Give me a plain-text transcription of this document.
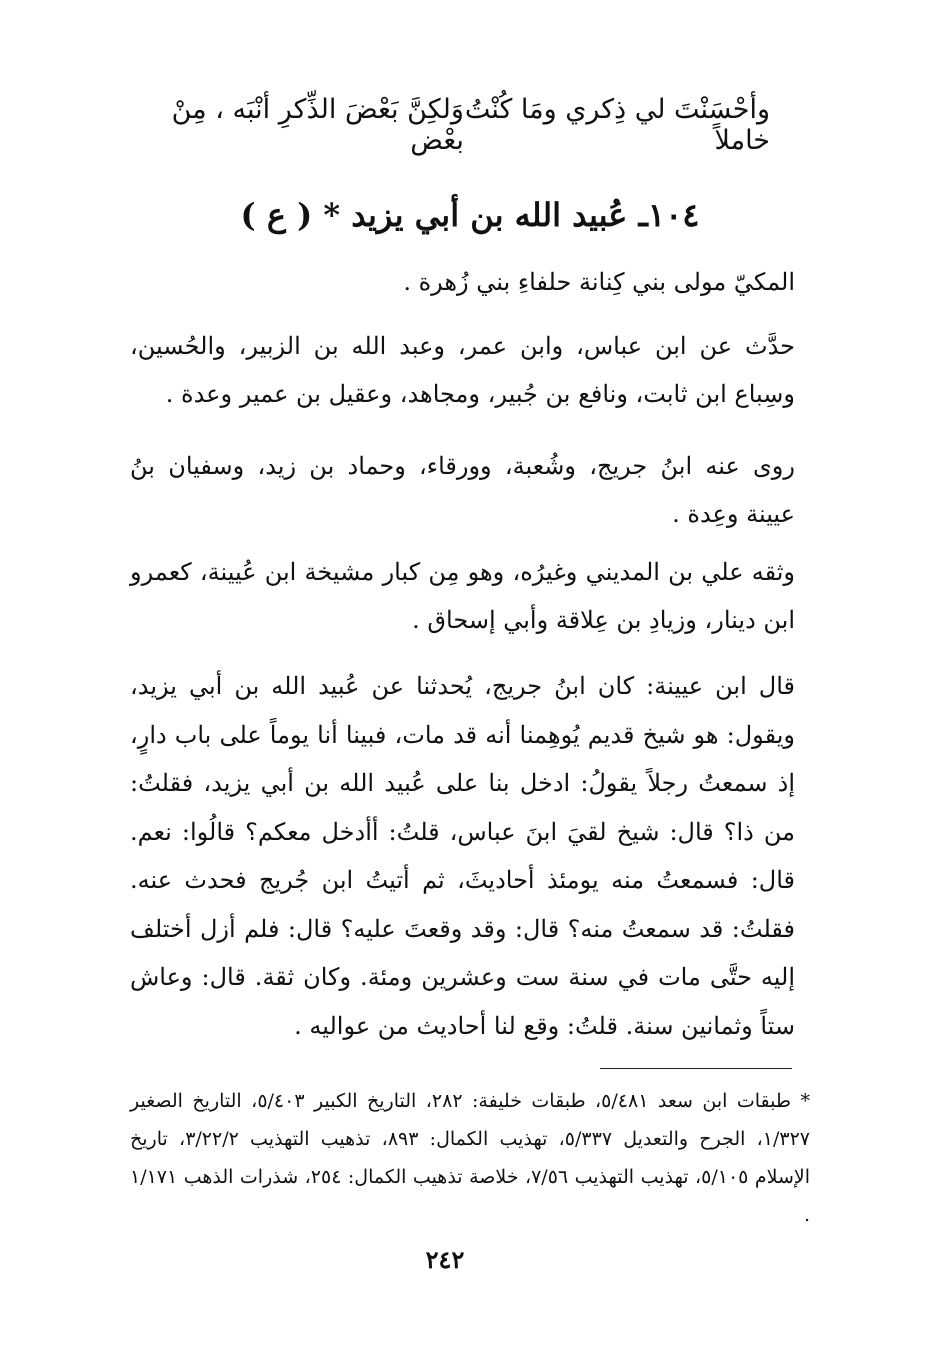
وأحْسَنْتَ لي ذِكري ومَا كُنْتُ خاملاً
وَلكِنَّ بَعْضَ الذِّكرِ أنْبَه ، مِنْ بعْض
١٠٤ـ عُبيد الله بن أبي يزيد * ( ع )
المكيّ مولى بني كِنانة حلفاءِ بني زُهرة .
حدَّث عن ابن عباس، وابن عمر، وعبد الله بن الزبير، والحُسين، وسِباع ابن ثابت، ونافع بن جُبير، ومجاهد، وعقيل بن عمير وعدة .
روى عنه ابنُ جريج، وشُعبة، وورقاء، وحماد بن زيد، وسفيان بنُ عيينة وعِدة .
وثقه علي بن المديني وغيرُه، وهو مِن كبار مشيخة ابن عُيينة، كعمرو ابن دينار، وزيادِ بن عِلاقة وأبي إسحاق .
قال ابن عيينة: كان ابنُ جريج، يُحدثنا عن عُبيد الله بن أبي يزيد، ويقول: هو شيخ قديم يُوهِمنا أنه قد مات، فبينا أنا يوماً على باب دارٍ، إذ سمعتُ رجلاً يقولُ: ادخل بنا على عُبيد الله بن أبي يزيد، فقلتُ: من ذا؟ قال: شيخ لقيَ ابنَ عباس، قلتُ: أأدخل معكم؟ قالُوا: نعم. قال: فسمعتُ منه يومئذ أحاديثَ، ثم أتيتُ ابن جُريج فحدث عنه. فقلتُ: قد سمعتُ منه؟ قال: وقد وقعتَ عليه؟ قال: فلم أزل أختلف إليه حتَّى مات في سنة ست وعشرين ومئة. وكان ثقة. قال: وعاش ستاً وثمانين سنة. قلتُ: وقع لنا أحاديث من عواليه .
* طبقات ابن سعد ٥/٤٨١، طبقات خليفة: ٢٨٢، التاريخ الكبير ٥/٤٠٣، التاريخ الصغير ١/٣٢٧، الجرح والتعديل ٥/٣٣٧، تهذيب الكمال: ٨٩٣، تذهيب التهذيب ٣/٢٢/٢، تاريخ الإسلام ٥/١٠٥، تهذيب التهذيب ٧/٥٦، خلاصة تذهيب الكمال: ٢٥٤، شذرات الذهب ١/١٧١ .
٢٤٢
